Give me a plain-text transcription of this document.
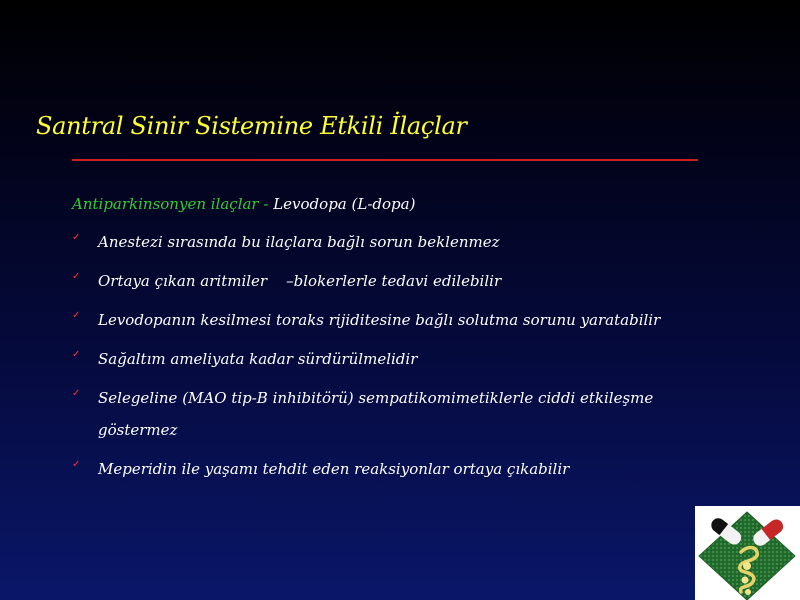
Santral Sinir Sistemine Etkili İlaçlar
Antiparkinsonyen ilaçlar - Levodopa (L-dopa)
✓ Anestezi sırasında bu ilaçlara bağlı sorun beklenmez
✓ Ortaya çıkan aritmiler    –blokerlerle tedavi edilebilir
✓ Levodopanın kesilmesi toraks rijiditesine bağlı solutma sorunu yaratabilir
✓ Sağaltım ameliyata kadar sürdürülmelidir
✓ Selegeline (MAO tip-B inhibitörü) sempatikomimetiklerle ciddi etkileşme göstermez
✓ Meperidin ile yaşamı tehdit eden reaksiyonlar ortaya çıkabilir
